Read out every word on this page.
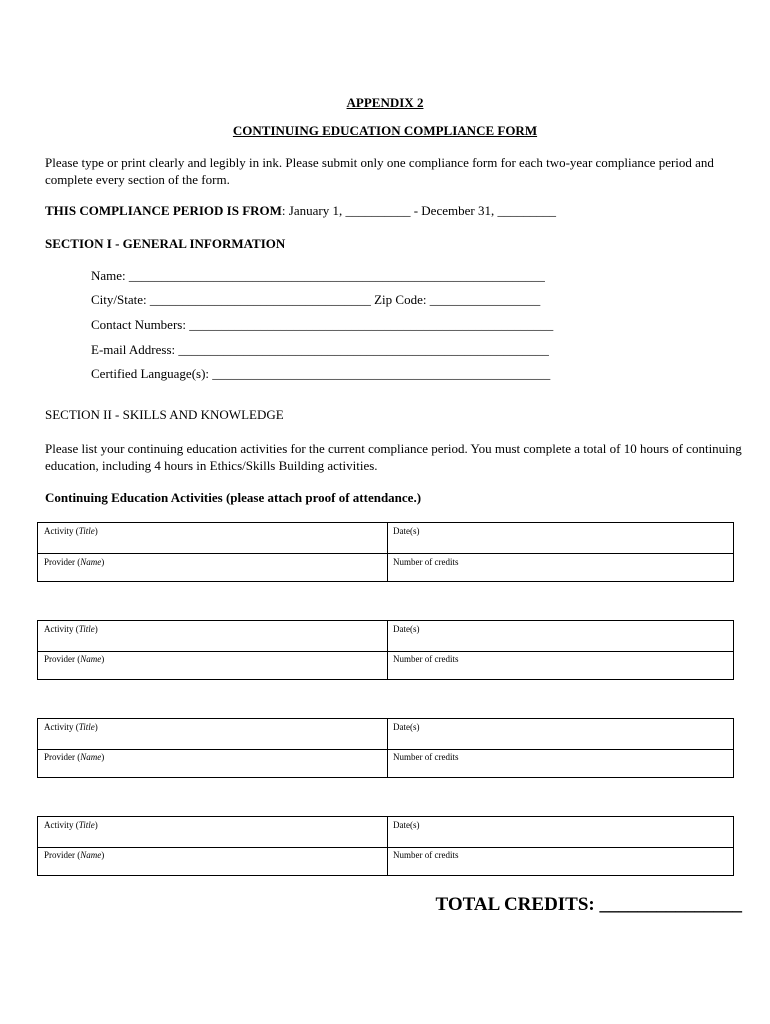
APPENDIX 2
CONTINUING EDUCATION COMPLIANCE FORM
Please type or print clearly and legibly in ink. Please submit only one compliance form for each two-year compliance period and complete every section of the form.
THIS COMPLIANCE PERIOD IS FROM: January 1, __________ - December 31, _________
SECTION I - GENERAL INFORMATION
Name: ________________________________________________________________
City/State: __________________________________ Zip Code: _________________
Contact Numbers: ________________________________________________________
E-mail Address: _________________________________________________________
Certified Language(s): ____________________________________________________
SECTION II - SKILLS AND KNOWLEDGE
Please list your continuing education activities for the current compliance period. You must complete a total of 10 hours of continuing education, including 4 hours in Ethics/Skills Building activities.
Continuing Education Activities (please attach proof of attendance.)
Activity (Title)	Date(s)
Provider (Name)	Number of credits
Activity (Title)	Date(s)
Provider (Name)	Number of credits
Activity (Title)	Date(s)
Provider (Name)	Number of credits
Activity (Title)	Date(s)
Provider (Name)	Number of credits
TOTAL CREDITS: _______________
